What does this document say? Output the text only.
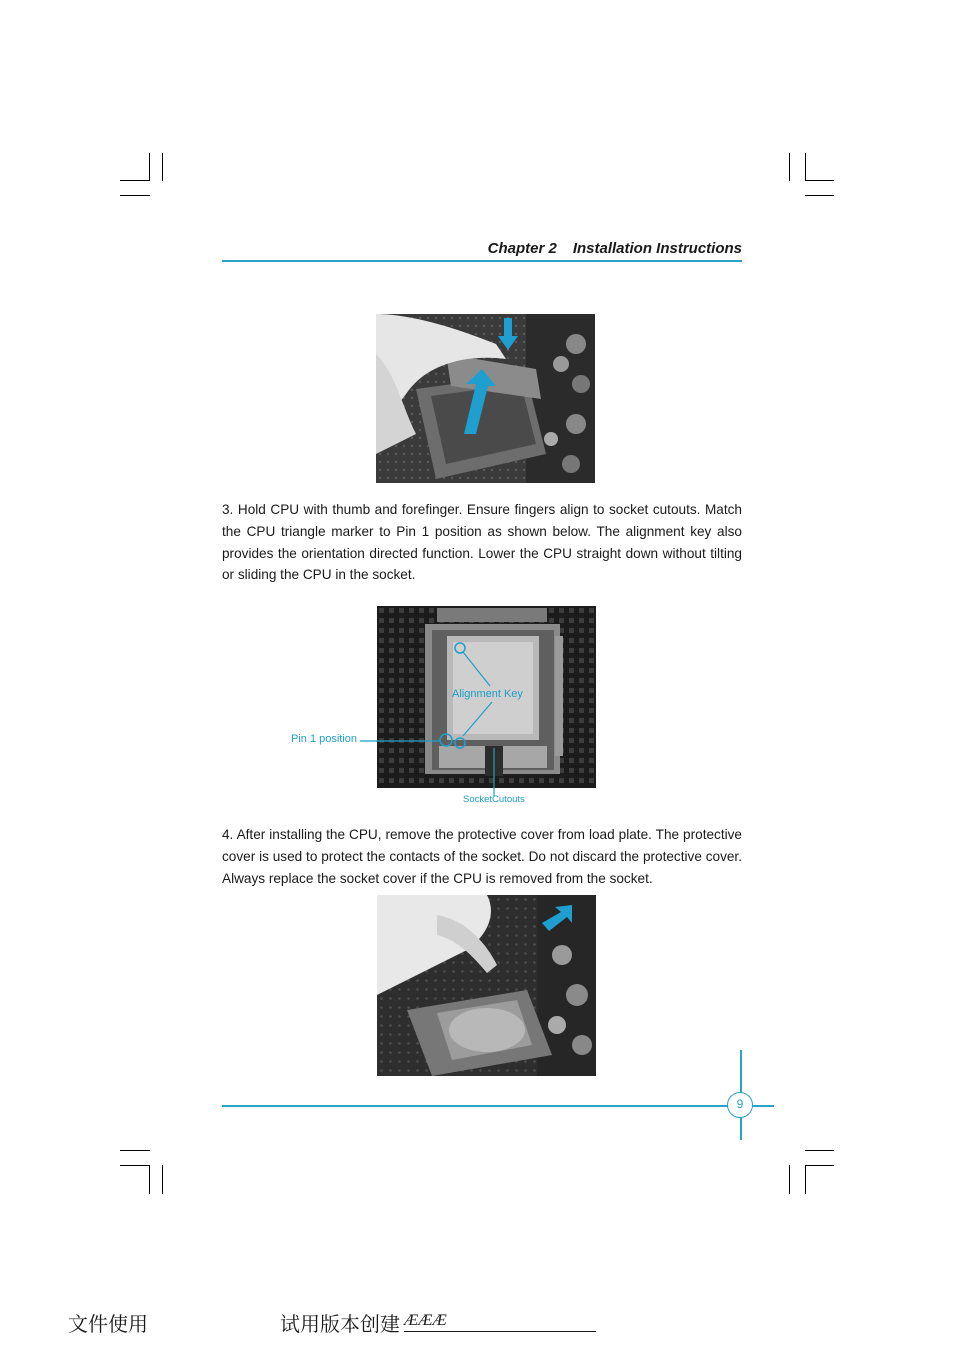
Chapter 2 Installation Instructions
3. Hold CPU with thumb and forefinger. Ensure fingers align to socket cutouts. Match the CPU triangle marker to Pin 1 position as shown below. The alignment key also provides the orientation directed function. Lower the CPU straight down without tilting or sliding the CPU in the socket.
Alignment Key
Pin 1 position
SocketCutouts
4. After installing the CPU, remove the protective cover from load plate. The protective cover is used to protect the contacts of the socket. Do not discard the protective cover. Always replace the socket cover if the CPU is removed from the socket.
9
文件使用	试用版本创建 ÆÆÆ
